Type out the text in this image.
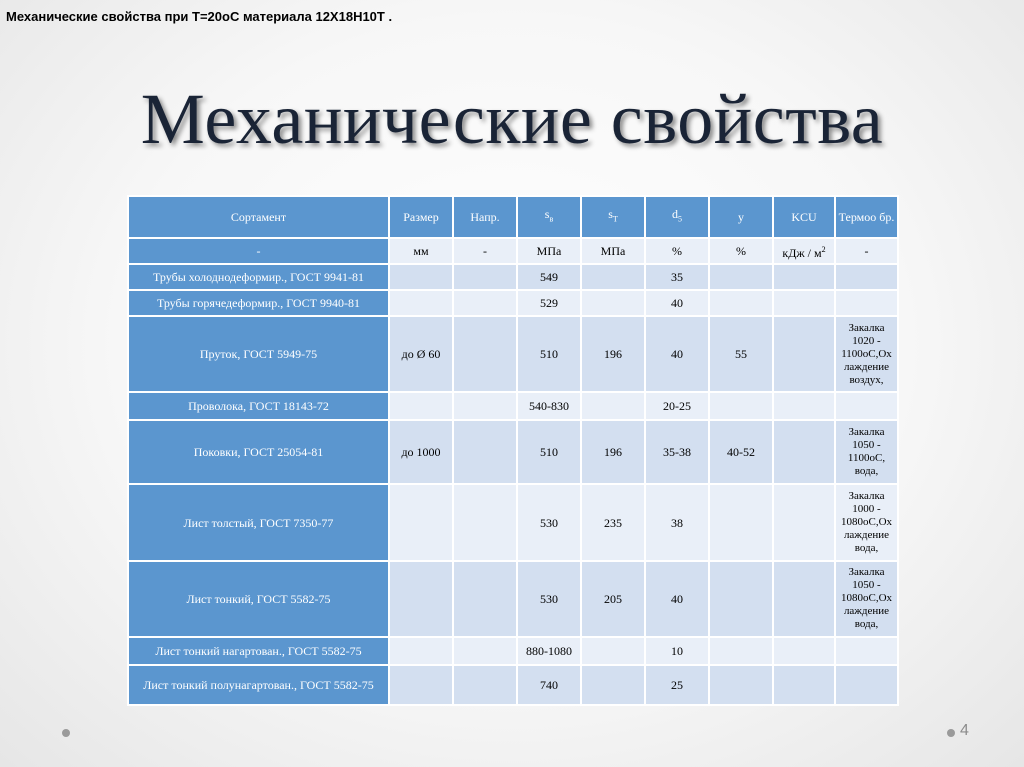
Механические свойства при Т=20oC материала 12Х18Н10Т .
Механические свойства
Сортамент	Размер	Напр.	$s_в$	$s_T$	$d_5$	y	KCU	Термоо бр.
-	мм	-	МПа	МПа	%	%	кДж / $м^2$	-
Трубы холоднодеформир., ГОСТ 9941-81			549		35			
Трубы горячедеформир., ГОСТ 9940-81			529		40			
Пруток, ГОСТ 5949-75	до Ø 60		510	196	40	55		Закалка 1020 - 1100oC,Ох лаждение воздух,
Проволока, ГОСТ 18143-72			540-830		20-25			
Поковки, ГОСТ 25054-81	до 1000		510	196	35-38	40-52		Закалка 1050 - 1100oC, вода,
Лист толстый, ГОСТ 7350-77			530	235	38			Закалка 1000 - 1080oC,Ох лаждение вода,
Лист тонкий, ГОСТ 5582-75			530	205	40			Закалка 1050 - 1080oC,Ох лаждение вода,
Лист тонкий нагартован., ГОСТ 5582-75			880-1080		10			
Лист тонкий полунагартован., ГОСТ 5582-75			740		25			
4
